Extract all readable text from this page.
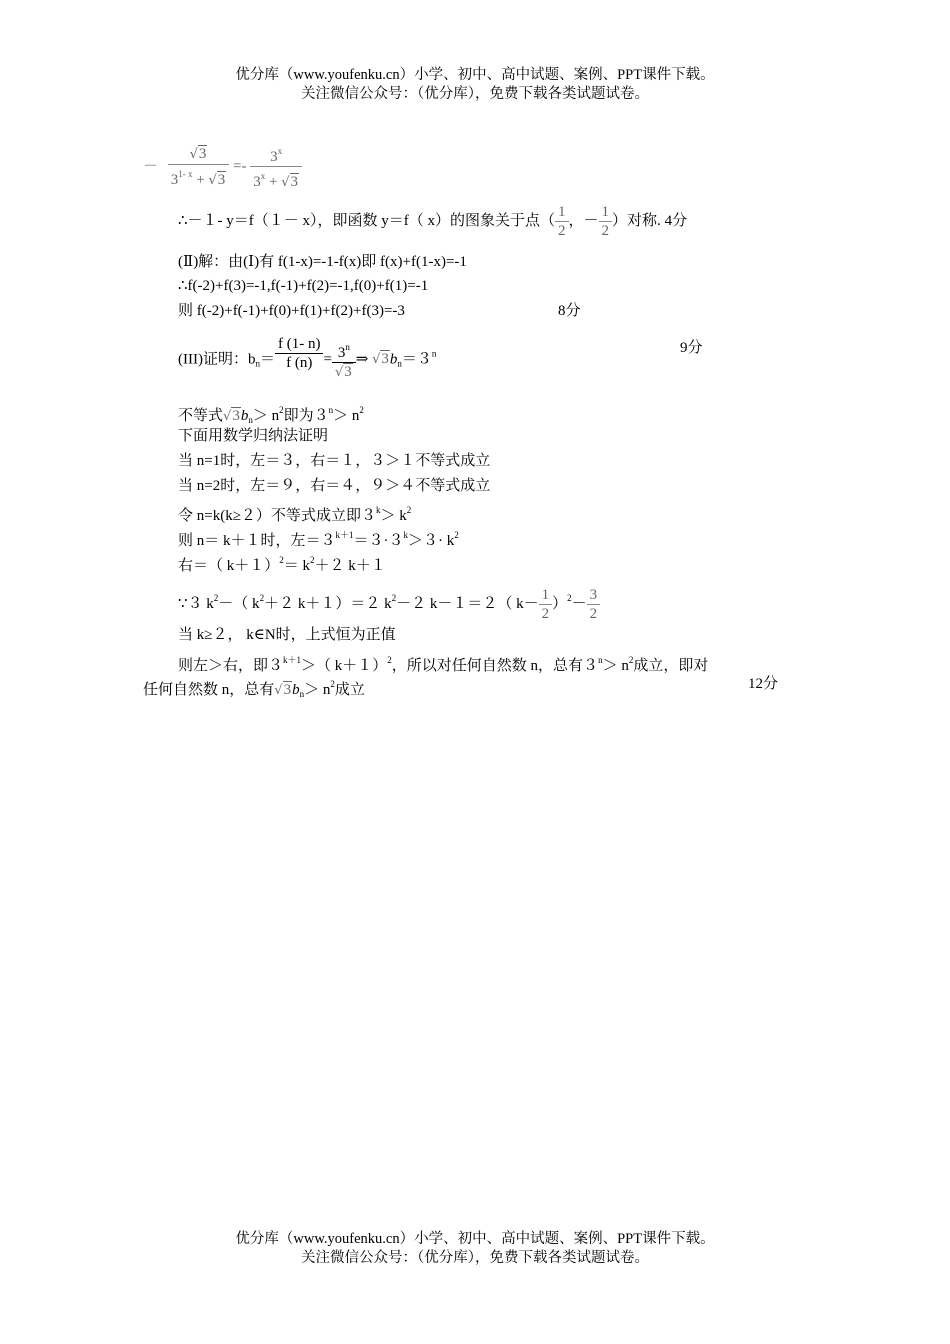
优分库（www.youfenku.cn）小学、初中、高中试题、案例、PPT课件下载。
关注微信公众号：（优分库），免费下载各类试题试卷。
－ $\frac{√3}{3^{1- x} + √3} =- \frac{3^x}{3^x + √3}$
∴－１- y＝f（１－ x），即函数 y＝f（ x）的图象关于点（ $\frac{1}{2}$ ，－ $\frac{1}{2}$ ）对称. 4分
(Ⅱ)解：由(Ⅰ)有 f(1-x)=-1-f(x)即 f(x)+f(1-x)=-1
∴f(-2)+f(3)=-1,f(-1)+f(2)=-1,f(0)+f(1)=-1
则 f(-2)+f(-1)+f(0)+f(1)+f(2)+f(3)=-3	8分
(III)证明：$b_n= \frac{f (1- n)}{f (n)} = \frac{3^n}{√3}$ ⇒ $√3b_n=3^n$	9分
不等式$√3b_n> n^2$即为$3^n> n^2$
下面用数学归纳法证明
当 n=1时，左＝３，右＝１，３＞１不等式成立
当 n=2时，左＝９，右＝４，９＞４不等式成立
令 n=k(k≥２）不等式成立即$3^k> k^2$
则 n＝ k＋１时，左$=3^{k+1}=3\cdot 3^k>3\cdot k^2$
右＝（ $k+1)^2= k^2+2$ k＋１
∵３ $k^2-$（ $k^2+2$ k＋１）＝２ $k^2-2$ k－１＝２（ $k- \frac{1}{2} )^2- \frac{3}{2}$
当 k≥２， k∈N时，上式恒为正值
则左＞右，即$3^{k+1}>$（ k＋１）$^2$，所以对任何自然数 n，总有$3^n> n^2$成立，即对
任何自然数 n，总有$√3b_n> n^2$成立	12分
优分库（www.youfenku.cn）小学、初中、高中试题、案例、PPT课件下载。
关注微信公众号：（优分库），免费下载各类试题试卷。
